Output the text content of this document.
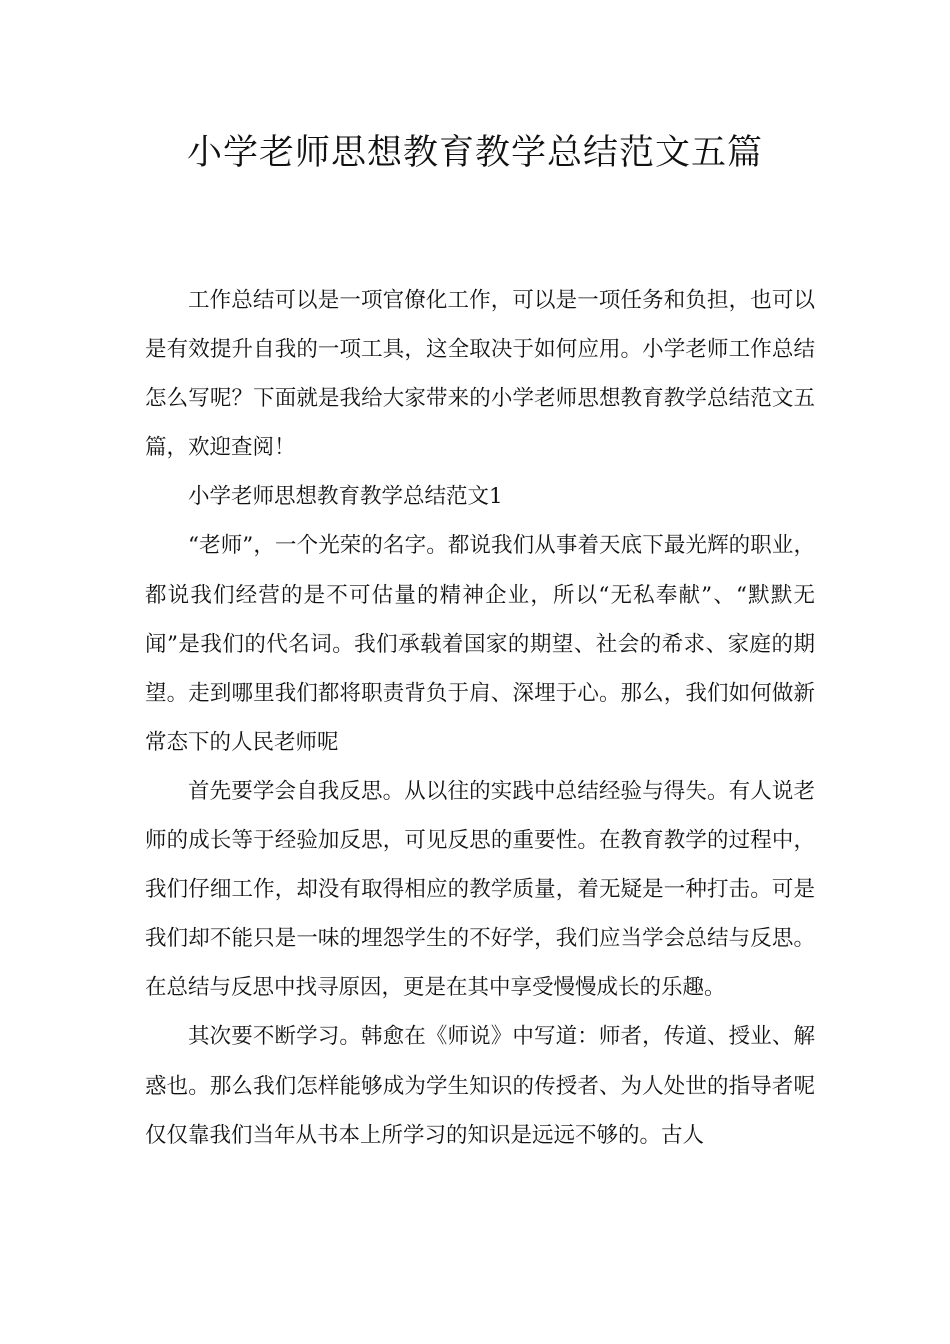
小学老师思想教育教学总结范文五篇

工作总结可以是一项官僚化工作，可以是一项任务和负担，也可以是有效提升自我的一项工具，这全取决于如何应用。小学老师工作总结怎么写呢？下面就是我给大家带来的小学老师思想教育教学总结范文五篇，欢迎查阅！

小学老师思想教育教学总结范文1

“老师”，一个光荣的名字。都说我们从事着天底下最光辉的职业，都说我们经营的是不可估量的精神企业，所以“无私奉献”、“默默无闻”是我们的代名词。我们承载着国家的期望、社会的希求、家庭的期望。走到哪里我们都将职责背负于肩、深埋于心。那么，我们如何做新常态下的人民老师呢

首先要学会自我反思。从以往的实践中总结经验与得失。有人说老师的成长等于经验加反思，可见反思的重要性。在教育教学的过程中，我们仔细工作，却没有取得相应的教学质量，着无疑是一种打击。可是我们却不能只是一味的埋怨学生的不好学，我们应当学会总结与反思。在总结与反思中找寻原因，更是在其中享受慢慢成长的乐趣。

其次要不断学习。韩愈在《师说》中写道：师者，传道、授业、解惑也。那么我们怎样能够成为学生知识的传授者、为人处世的指导者呢仅仅靠我们当年从书本上所学习的知识是远远不够的。古人
